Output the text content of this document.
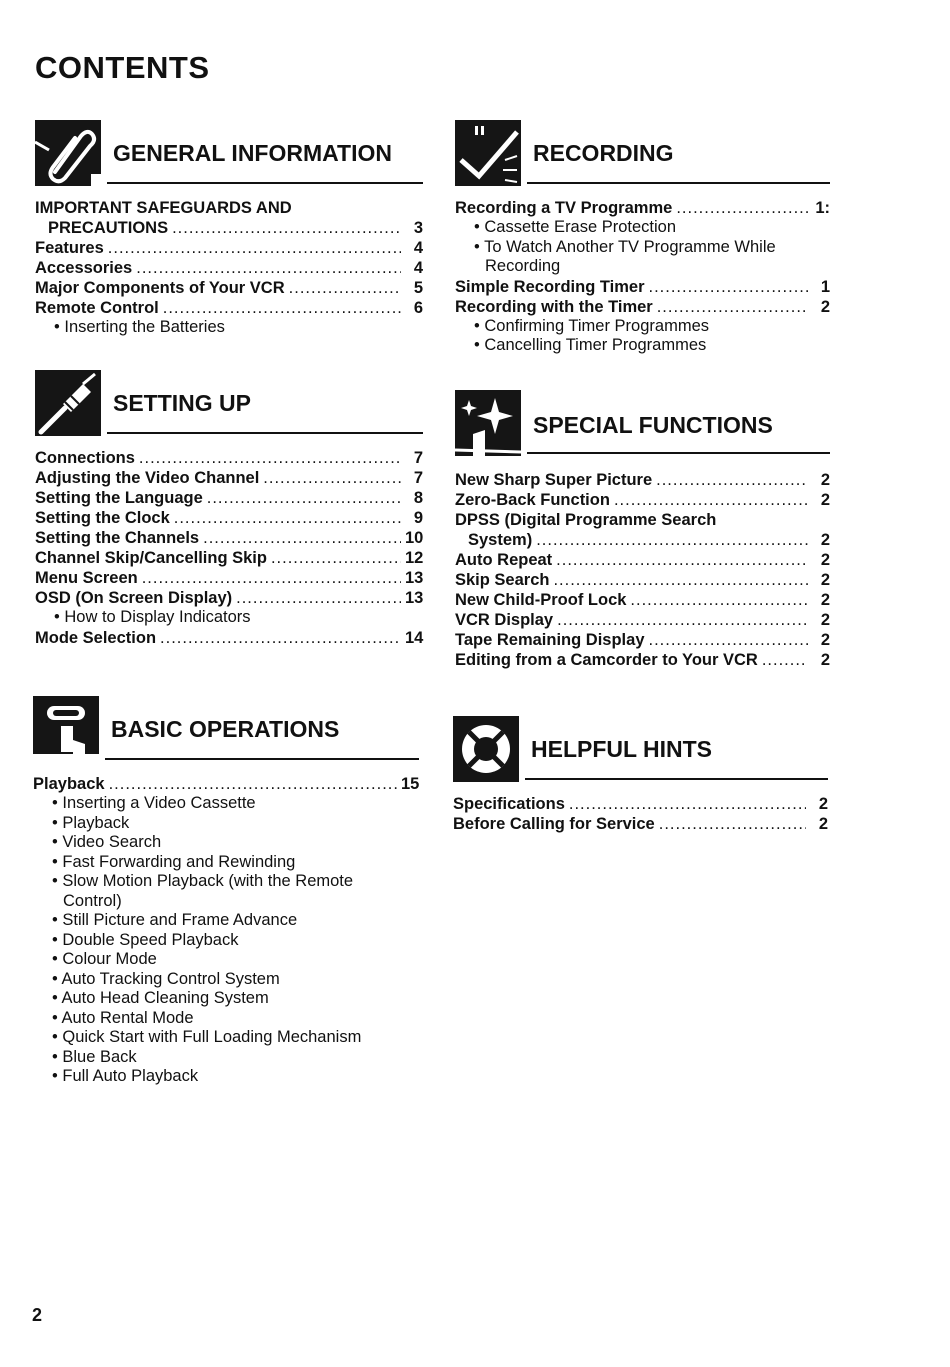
CONTENTS
GENERAL INFORMATION
IMPORTANT SAFEGUARDS AND
PRECAUTIONS .....	3
Features .....	4
Accessories .....	4
Major Components of Your VCR .....	5
Remote Control .....	6
• Inserting the Batteries
SETTING UP
Connections .....	7
Adjusting the Video Channel .....	7
Setting the Language .....	8
Setting the Clock .....	9
Setting the Channels .....	10
Channel Skip/Cancelling Skip .....	12
Menu Screen .....	13
OSD (On Screen Display) .....	13
• How to Display Indicators
Mode Selection .....	14
BASIC OPERATIONS
Playback .....	15
• Inserting a Video Cassette
• Playback
• Video Search
• Fast Forwarding and Rewinding
• Slow Motion Playback (with the Remote
Control)
• Still Picture and Frame Advance
• Double Speed Playback
• Colour Mode
• Auto Tracking Control System
• Auto Head Cleaning System
• Auto Rental Mode
• Quick Start with Full Loading Mechanism
• Blue Back
• Full Auto Playback
RECORDING
Recording a TV Programme .....	1:
• Cassette Erase Protection
• To Watch Another TV Programme While
Recording
Simple Recording Timer .....	1
Recording with the Timer .....	2
• Confirming Timer Programmes
• Cancelling Timer Programmes
SPECIAL FUNCTIONS
New Sharp Super Picture .....	2
Zero-Back Function .....	2
DPSS (Digital Programme Search
System) .....	2
Auto Repeat .....	2
Skip Search .....	2
New Child-Proof Lock .....	2
VCR Display .....	2
Tape Remaining Display .....	2
Editing from a Camcorder to Your VCR .....	2
HELPFUL HINTS
Specifications .....	2
Before Calling for Service .....	2
2
